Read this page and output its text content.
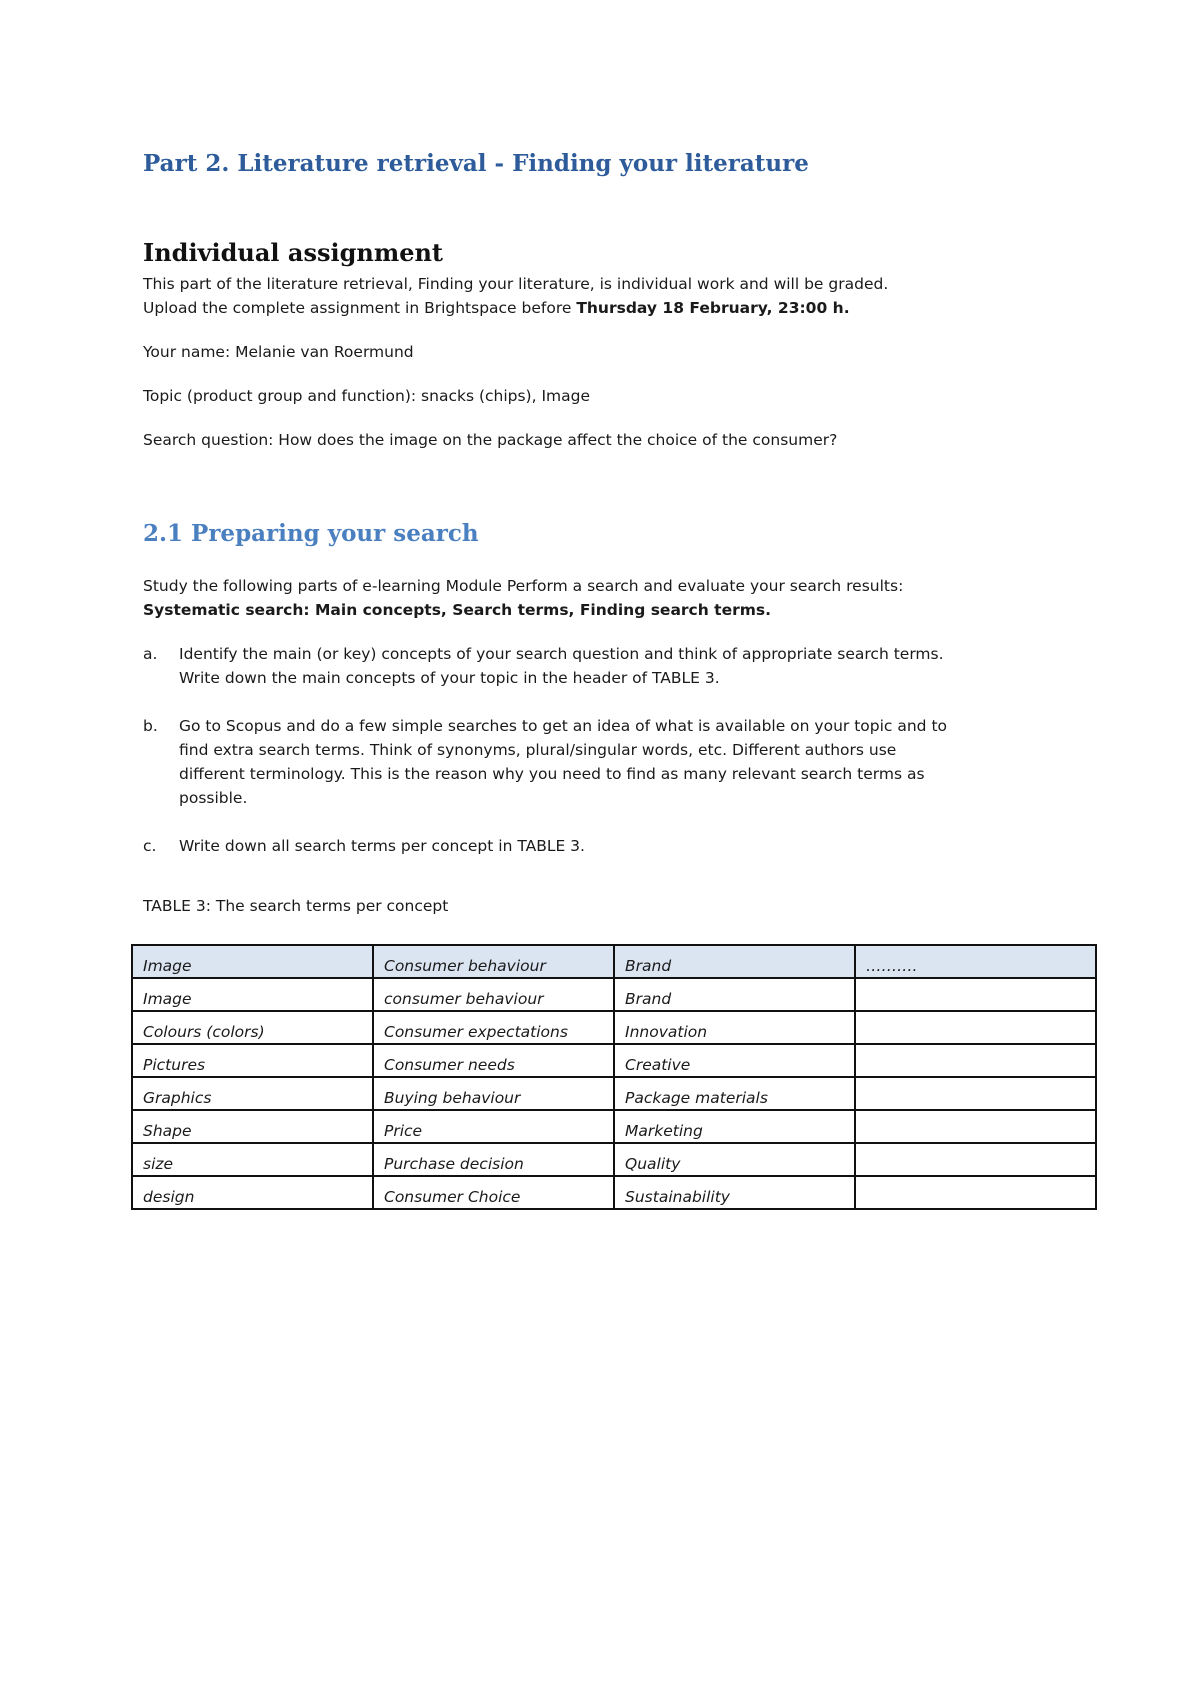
Part 2. Literature retrieval - Finding your literature
Individual assignment
This part of the literature retrieval, Finding your literature, is individual work and will be graded.
Upload the complete assignment in Brightspace before Thursday 18 February, 23:00 h.
Your name: Melanie van Roermund
Topic (product group and function): snacks (chips), Image
Search question: How does the image on the package affect the choice of the consumer?
2.1 Preparing your search
Study the following parts of e-learning Module Perform a search and evaluate your search results:
Systematic search: Main concepts, Search terms, Finding search terms.
a. Identify the main (or key) concepts of your search question and think of appropriate search terms.
Write down the main concepts of your topic in the header of TABLE 3.
b. Go to Scopus and do a few simple searches to get an idea of what is available on your topic and to
find extra search terms. Think of synonyms, plural/singular words, etc. Different authors use
different terminology. This is the reason why you need to find as many relevant search terms as
possible.
c. Write down all search terms per concept in TABLE 3.
TABLE 3: The search terms per concept
Image	Consumer behaviour	Brand	……….
Image	consumer behaviour	Brand	
Colours (colors)	Consumer expectations	Innovation	
Pictures	Consumer needs	Creative	
Graphics	Buying behaviour	Package materials	
Shape	Price	Marketing	
size	Purchase decision	Quality	
design	Consumer Choice	Sustainability	
